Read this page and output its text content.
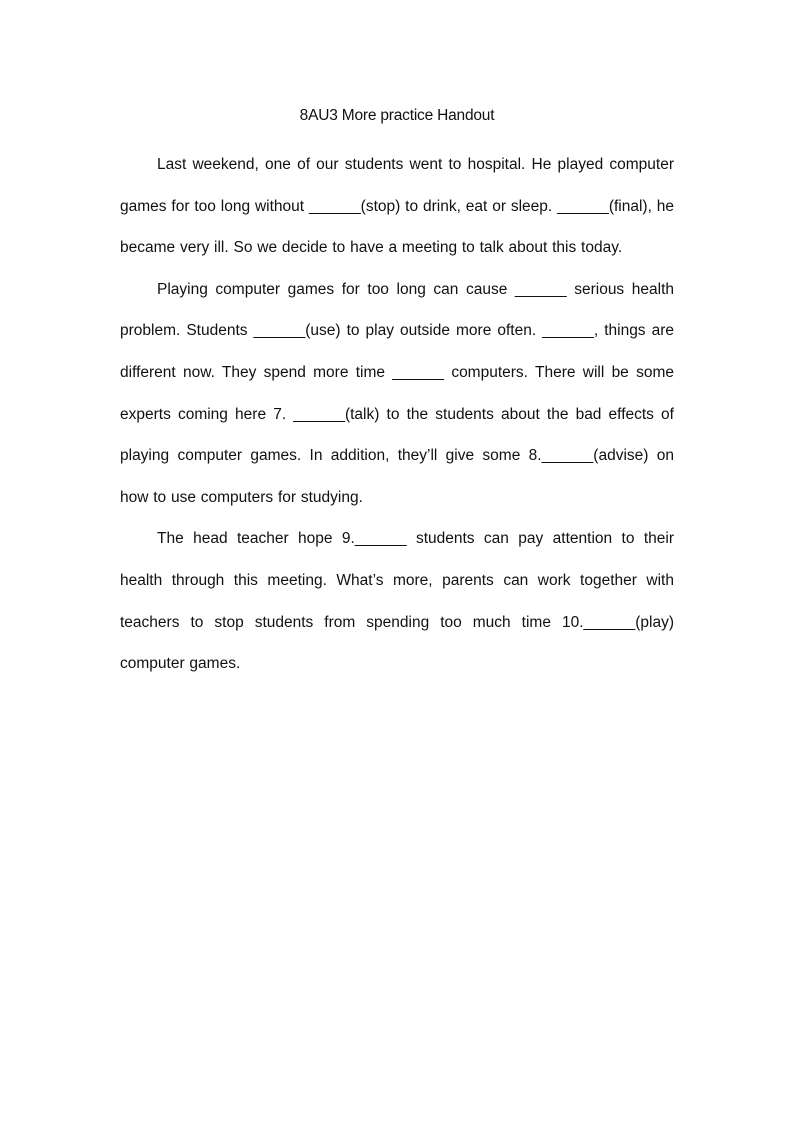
8AU3 More practice Handout

Last weekend, one of our students went to hospital. He played computer games for too long without ______(stop) to drink, eat or sleep. ______(final), he became very ill. So we decide to have a meeting to talk about this today.

Playing computer games for too long can cause ______ serious health problem. Students ______(use) to play outside more often. ______, things are different now. They spend more time ______ computers. There will be some experts coming here 7. ______(talk) to the students about the bad effects of playing computer games. In addition, they’ll give some 8.______(advise) on how to use computers for studying.

The head teacher hope 9.______ students can pay attention to their health through this meeting. What’s more, parents can work together with teachers to stop students from spending too much time 10.______(play) computer games.
